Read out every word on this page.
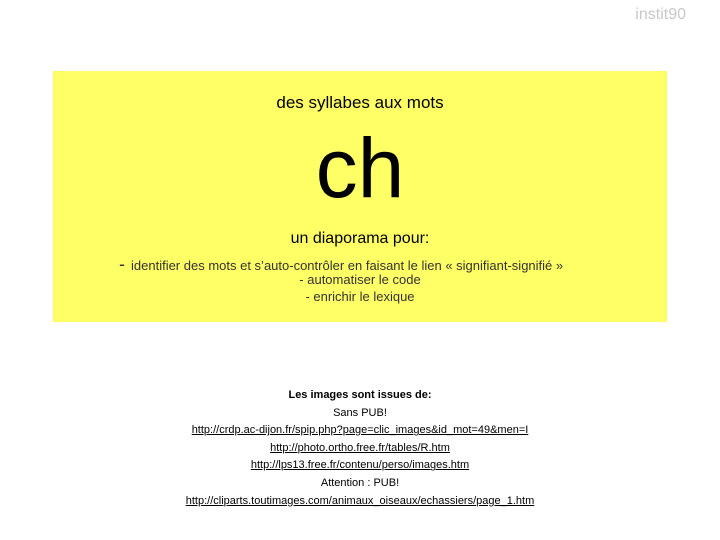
instit90
des syllabes aux mots
ch
un diaporama pour:
- identifier des mots et s’auto-contrôler en faisant le lien « signifiant-signifié »
- automatiser le code
- enrichir le lexique
Les images sont issues de:
Sans PUB!
http://crdp.ac-dijon.fr/spip.php?page=clic_images&id_mot=49&men=I
http://photo.ortho.free.fr/tables/R.htm
http://lps13.free.fr/contenu/perso/images.htm
Attention : PUB!
http://cliparts.toutimages.com/animaux_oiseaux/echassiers/page_1.htm
